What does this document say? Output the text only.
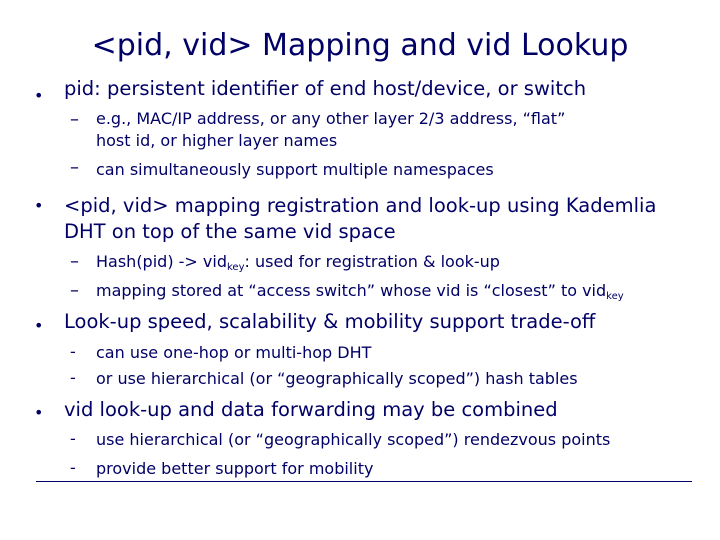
<pid, vid> Mapping and vid Lookup
• pid: persistent identifier of end host/device, or switch
– e.g., MAC/IP address, or any other layer 2/3 address, “flat”
host id, or higher layer names
– can simultaneously support multiple namespaces
• <pid, vid> mapping registration and look-up using Kademlia
DHT on top of the same vid space
– Hash(pid) -> vid$_{key}$: used for registration & look-up
– mapping stored at “access switch” whose vid is “closest” to vid$_{key}$
• Look-up speed, scalability & mobility support trade-off
- can use one-hop or multi-hop DHT
- or use hierarchical (or “geographically scoped”) hash tables
• vid look-up and data forwarding may be combined
- use hierarchical (or “geographically scoped”) rendezvous points
- provide better support for mobility
